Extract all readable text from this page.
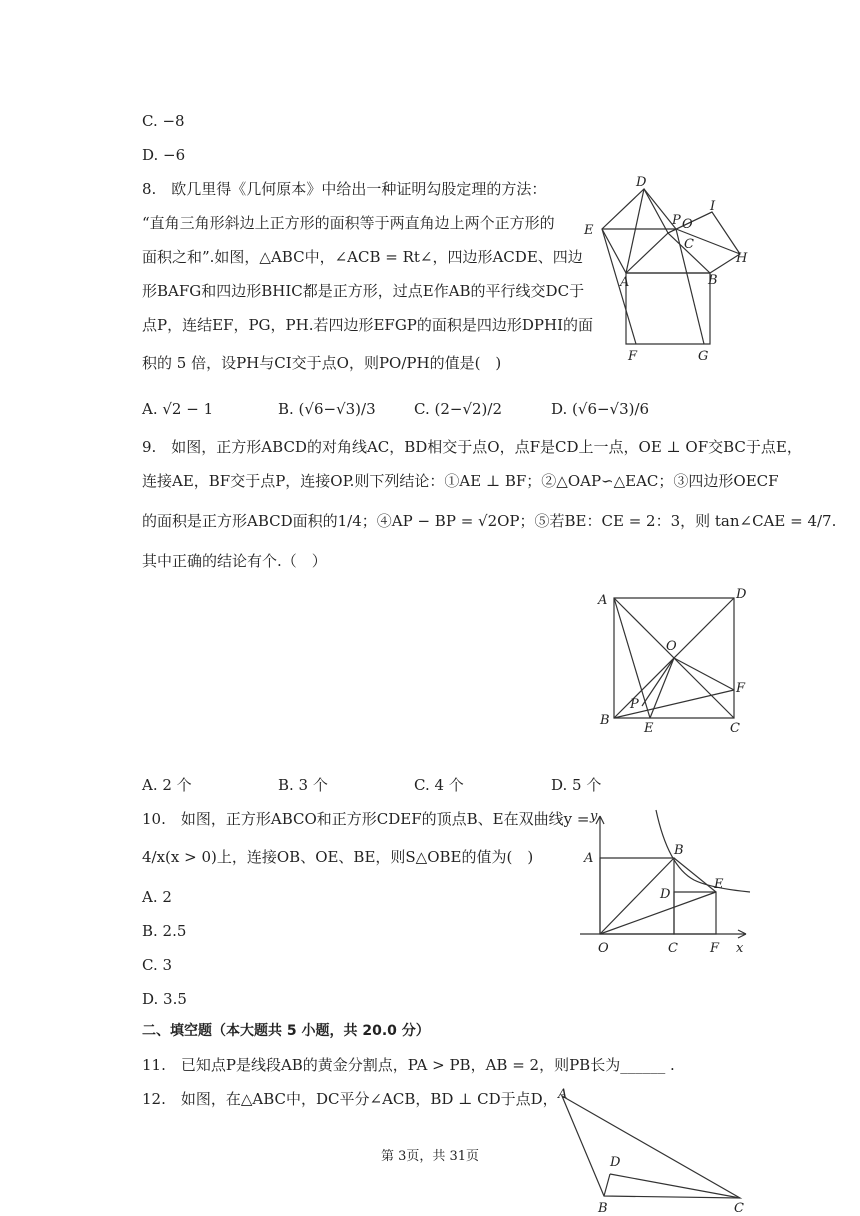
C. −8
D. −6
8.　欧几里得《几何原本》中给出一种证明勾股定理的方法：
“直角三角形斜边上正方形的面积等于两直角边上两个正方形的
面积之和”.如图，△ABC中，∠ACB = Rt∠，四边形ACDE、四边
形BAFG和四边形BHIC都是正方形，过点E作AB的平行线交DC于
点P，连结EF，PG，PH.若四边形EFGP的面积是四边形DPHI的面
积的 5 倍，设PH与CI交于点O，则PO/PH的值是(　)
A. √2 − 1	B. (√6−√3)/3	C. (2−√2)/2	D. (√6−√3)/6
D
I
E
P O
C
H
A	B
F	G
9.　如图，正方形ABCD的对角线AC，BD相交于点O，点F是CD上一点，OE ⊥ OF交BC于点E，
连接AE，BF交于点P，连接OP.则下列结论：①AE ⊥ BF；②△OAP∽△EAC；③四边形OECF
的面积是正方形ABCD面积的1/4；④AP − BP = √2OP；⑤若BE：CE = 2：3，则 tan∠CAE = 4/7.
其中正确的结论有个.（　）
A	D
O
F
P
B
E	C
A. 2 个	B. 3 个	C. 4 个	D. 5 个
10.　如图，正方形ABCO和正方形CDEF的顶点B、E在双曲线y =
4/x(x > 0)上，连接OB、OE、BE，则S△OBE的值为(　)
A. 2
B. 2.5
C. 3
D. 3.5
y
A
B
D
E
O	C F x
二、填空题（本大题共 5 小题，共 20.0 分）
11.　已知点P是线段AB的黄金分割点，PA > PB，AB = 2，则PB长为______ .
12.　如图，在△ABC中，DC平分∠ACB，BD ⊥ CD于点D， A
D
B	C
第 3页，共 31页
